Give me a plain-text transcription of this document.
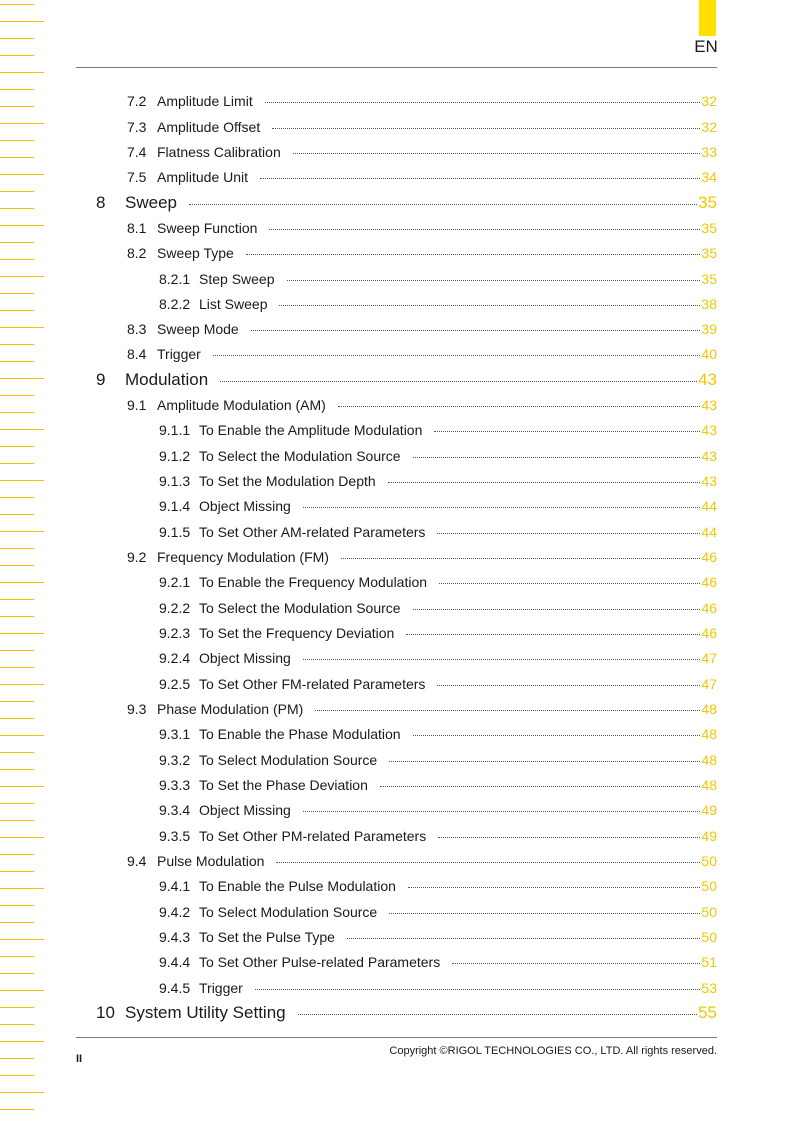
EN
7.2 Amplitude Limit	32
7.3 Amplitude Offset	32
7.4 Flatness Calibration	33
7.5 Amplitude Unit	34
8	Sweep	35
8.1 Sweep Function	35
8.2 Sweep Type	35
8.2.1 Step Sweep	35
8.2.2 List Sweep	38
8.3 Sweep Mode	39
8.4 Trigger	40
9	Modulation	43
9.1 Amplitude Modulation (AM)	43
9.1.1 To Enable the Amplitude Modulation	43
9.1.2 To Select the Modulation Source	43
9.1.3 To Set the Modulation Depth	43
9.1.4 Object Missing	44
9.1.5 To Set Other AM-related Parameters	44
9.2 Frequency Modulation (FM)	46
9.2.1 To Enable the Frequency Modulation	46
9.2.2 To Select the Modulation Source	46
9.2.3 To Set the Frequency Deviation	46
9.2.4 Object Missing	47
9.2.5 To Set Other FM-related Parameters	47
9.3 Phase Modulation (PM)	48
9.3.1 To Enable the Phase Modulation	48
9.3.2 To Select Modulation Source	48
9.3.3 To Set the Phase Deviation	48
9.3.4 Object Missing	49
9.3.5 To Set Other PM-related Parameters	49
9.4 Pulse Modulation	50
9.4.1 To Enable the Pulse Modulation	50
9.4.2 To Select Modulation Source	50
9.4.3 To Set the Pulse Type	50
9.4.4 To Set Other Pulse-related Parameters	51
9.4.5 Trigger	53
10 System Utility Setting	55
II
Copyright ©RIGOL TECHNOLOGIES CO., LTD. All rights reserved.
